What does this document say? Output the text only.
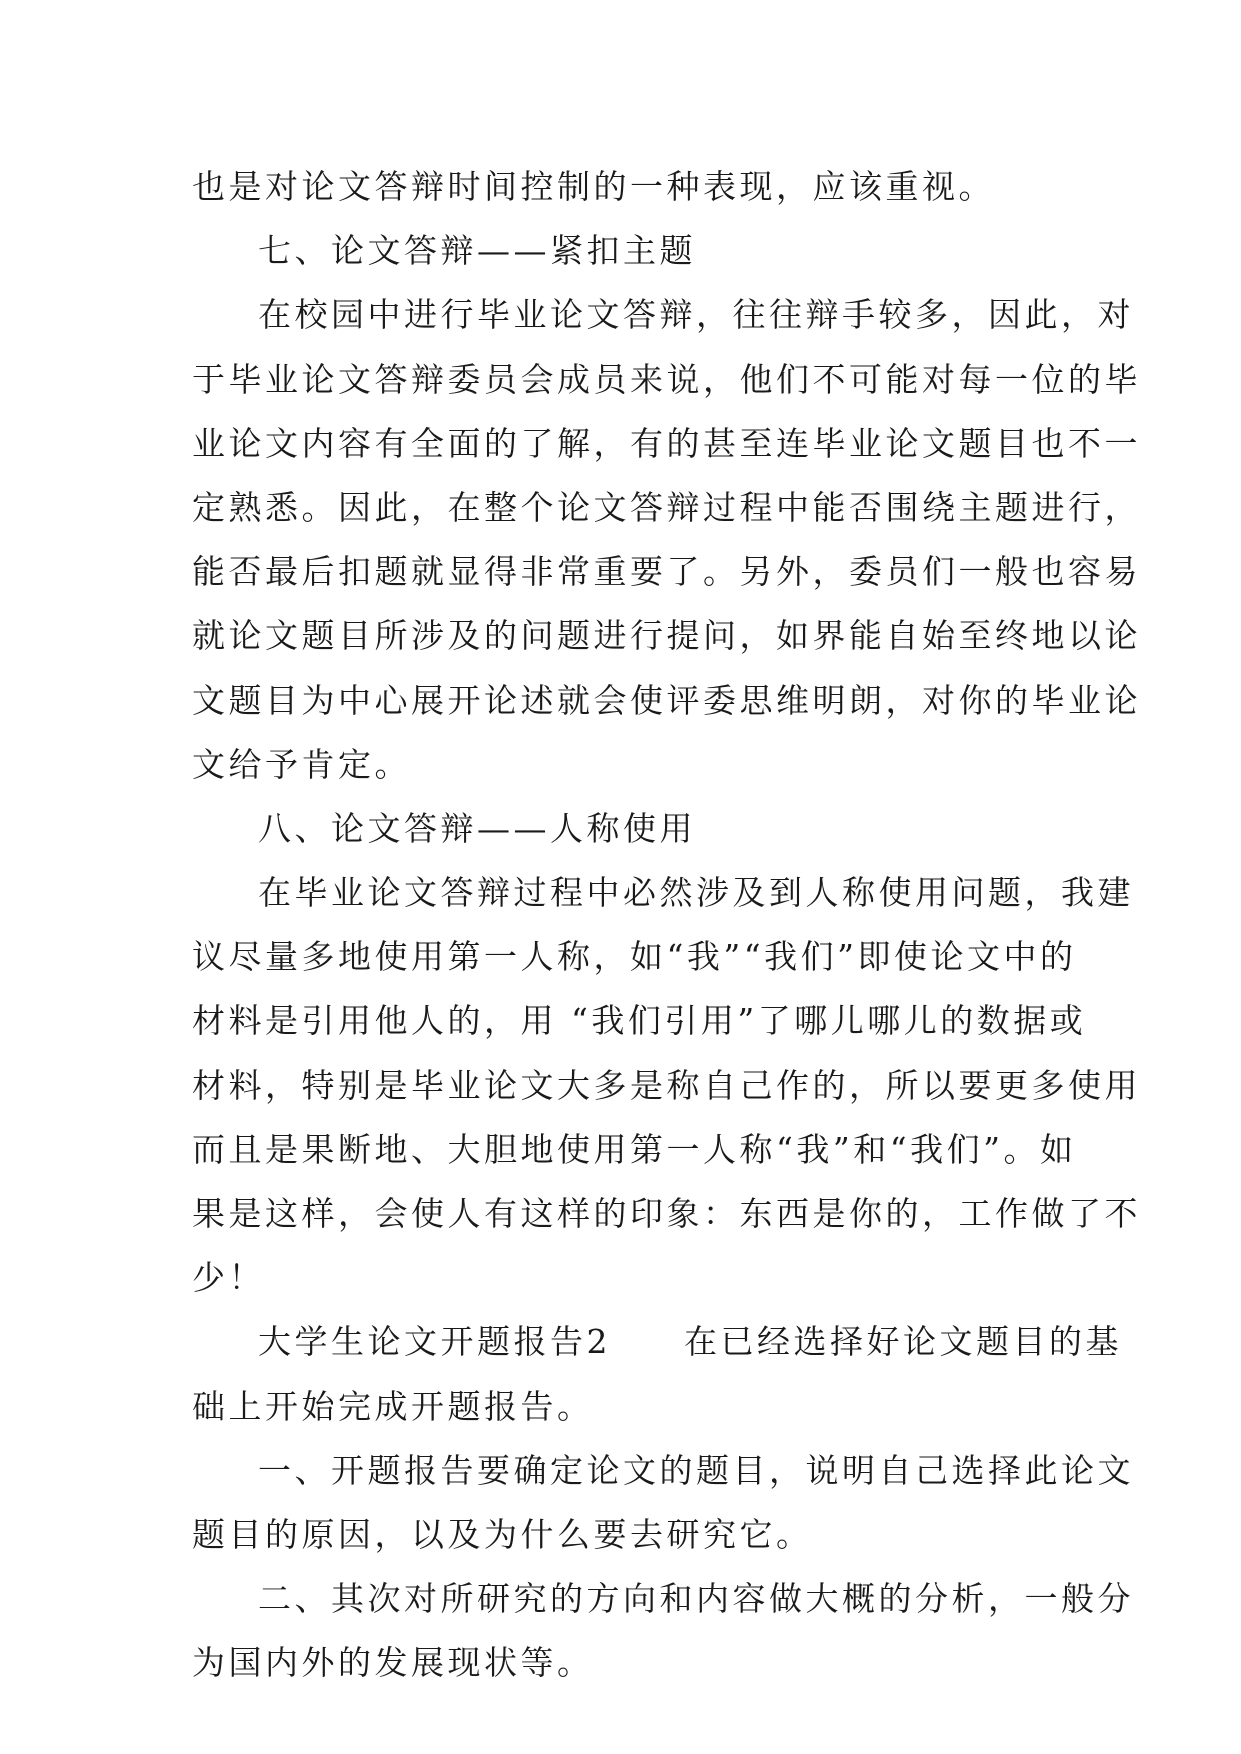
也是对论文答辩时间控制的一种表现，应该重视。
七、论文答辩——紧扣主题
在校园中进行毕业论文答辩，往往辩手较多，因此，对
于毕业论文答辩委员会成员来说，他们不可能对每一位的毕
业论文内容有全面的了解，有的甚至连毕业论文题目也不一
定熟悉。因此，在整个论文答辩过程中能否围绕主题进行，
能否最后扣题就显得非常重要了。另外，委员们一般也容易
就论文题目所涉及的问题进行提问，如界能自始至终地以论
文题目为中心展开论述就会使评委思维明朗，对你的毕业论
文给予肯定。
八、论文答辩——人称使用
在毕业论文答辩过程中必然涉及到人称使用问题，我建
议尽量多地使用第一人称，如“我”“我们”即使论文中的
材料是引用他人的，用 “我们引用”了哪儿哪儿的数据或
材料，特别是毕业论文大多是称自己作的，所以要更多使用
而且是果断地、大胆地使用第一人称“我”和“我们”。如
果是这样，会使人有这样的印象：东西是你的，工作做了不
少！
大学生论文开题报告2　　在已经选择好论文题目的基
础上开始完成开题报告。
一、开题报告要确定论文的题目，说明自己选择此论文
题目的原因，以及为什么要去研究它。
二、其次对所研究的方向和内容做大概的分析，一般分
为国内外的发展现状等。
